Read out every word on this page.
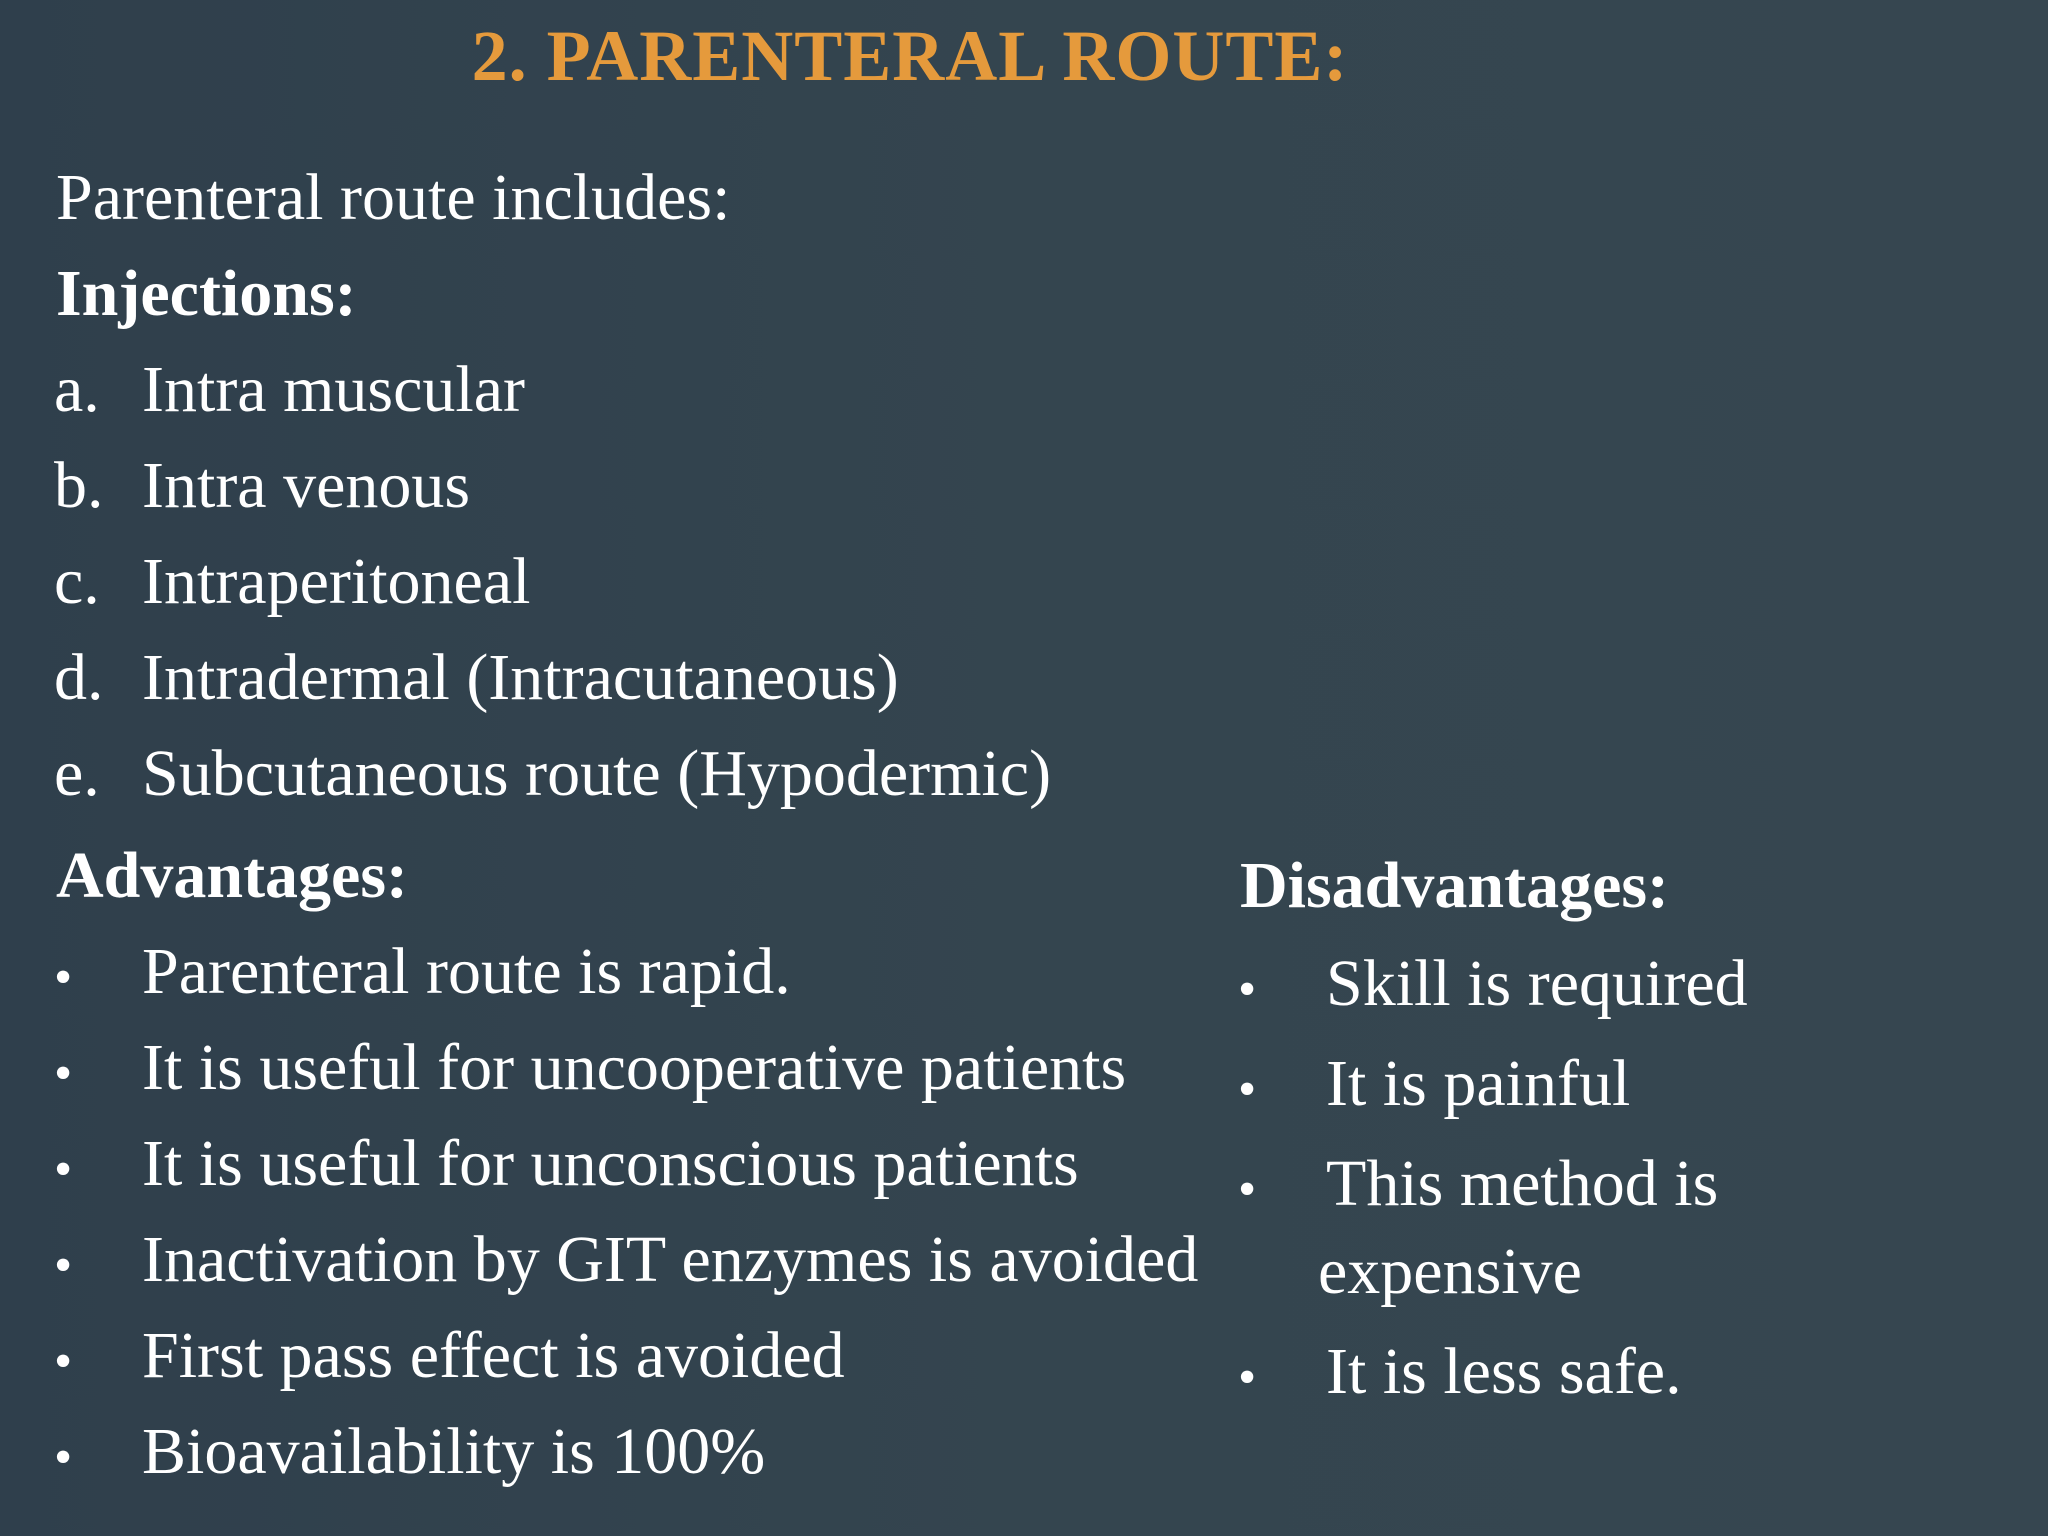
2. PARENTERAL ROUTE:
Parenteral route includes:
Injections:
a. Intra muscular
b. Intra venous
c. Intraperitoneal
d. Intradermal (Intracutaneous)
e. Subcutaneous route (Hypodermic)
Advantages:
• Parenteral route is rapid.
• It is useful for uncooperative patients
• It is useful for unconscious patients
• Inactivation by GIT enzymes is avoided
• First pass effect is avoided
• Bioavailability is 100%
Disadvantages:
• Skill is required
• It is painful
• This method is
expensive
• It is less safe.
